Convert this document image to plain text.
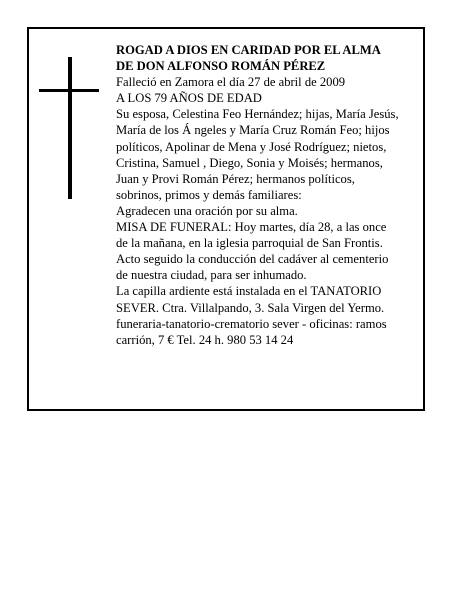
ROGAD A DIOS EN CARIDAD POR EL ALMA
DE DON ALFONSO ROMÁN PÉREZ
Falleció en Zamora el día 27 de abril de 2009
A LOS 79 AÑOS DE EDAD
Su esposa, Celestina Feo Hernández; hijas, María Jesús,
María de los Á ngeles y María Cruz Román Feo; hijos
políticos, Apolinar de Mena y José Rodríguez; nietos,
Cristina, Samuel , Diego, Sonia y Moisés; hermanos,
Juan y Provi Román Pérez; hermanos políticos,
sobrinos, primos y demás familiares:
Agradecen una oración por su alma.
MISA DE FUNERAL: Hoy martes, día 28, a las once
de la mañana, en la iglesia parroquial de San Frontis.
Acto seguido la conducción del cadáver al cementerio
de nuestra ciudad, para ser inhumado.
La capilla ardiente está instalada en el TANATORIO
SEVER. Ctra. Villalpando, 3. Sala Virgen del Yermo.
funeraria-tanatorio-crematorio sever - oficinas: ramos
carrión, 7 € Tel. 24 h. 980 53 14 24
